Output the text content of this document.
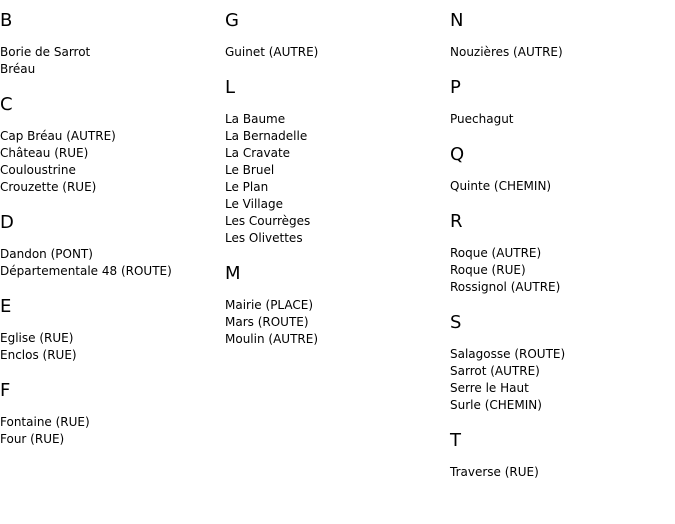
B
Borie de Sarrot
Bréau
C
Cap Bréau (AUTRE)
Château (RUE)
Couloustrine
Crouzette (RUE)
D
Dandon (PONT)
Départementale 48 (ROUTE)
E
Eglise (RUE)
Enclos (RUE)
F
Fontaine (RUE)
Four (RUE)
G
Guinet (AUTRE)
L
La Baume
La Bernadelle
La Cravate
Le Bruel
Le Plan
Le Village
Les Courrèges
Les Olivettes
M
Mairie (PLACE)
Mars (ROUTE)
Moulin (AUTRE)
N
Nouzières (AUTRE)
P
Puechagut
Q
Quinte (CHEMIN)
R
Roque (AUTRE)
Roque (RUE)
Rossignol (AUTRE)
S
Salagosse (ROUTE)
Sarrot (AUTRE)
Serre le Haut
Surle (CHEMIN)
T
Traverse (RUE)
